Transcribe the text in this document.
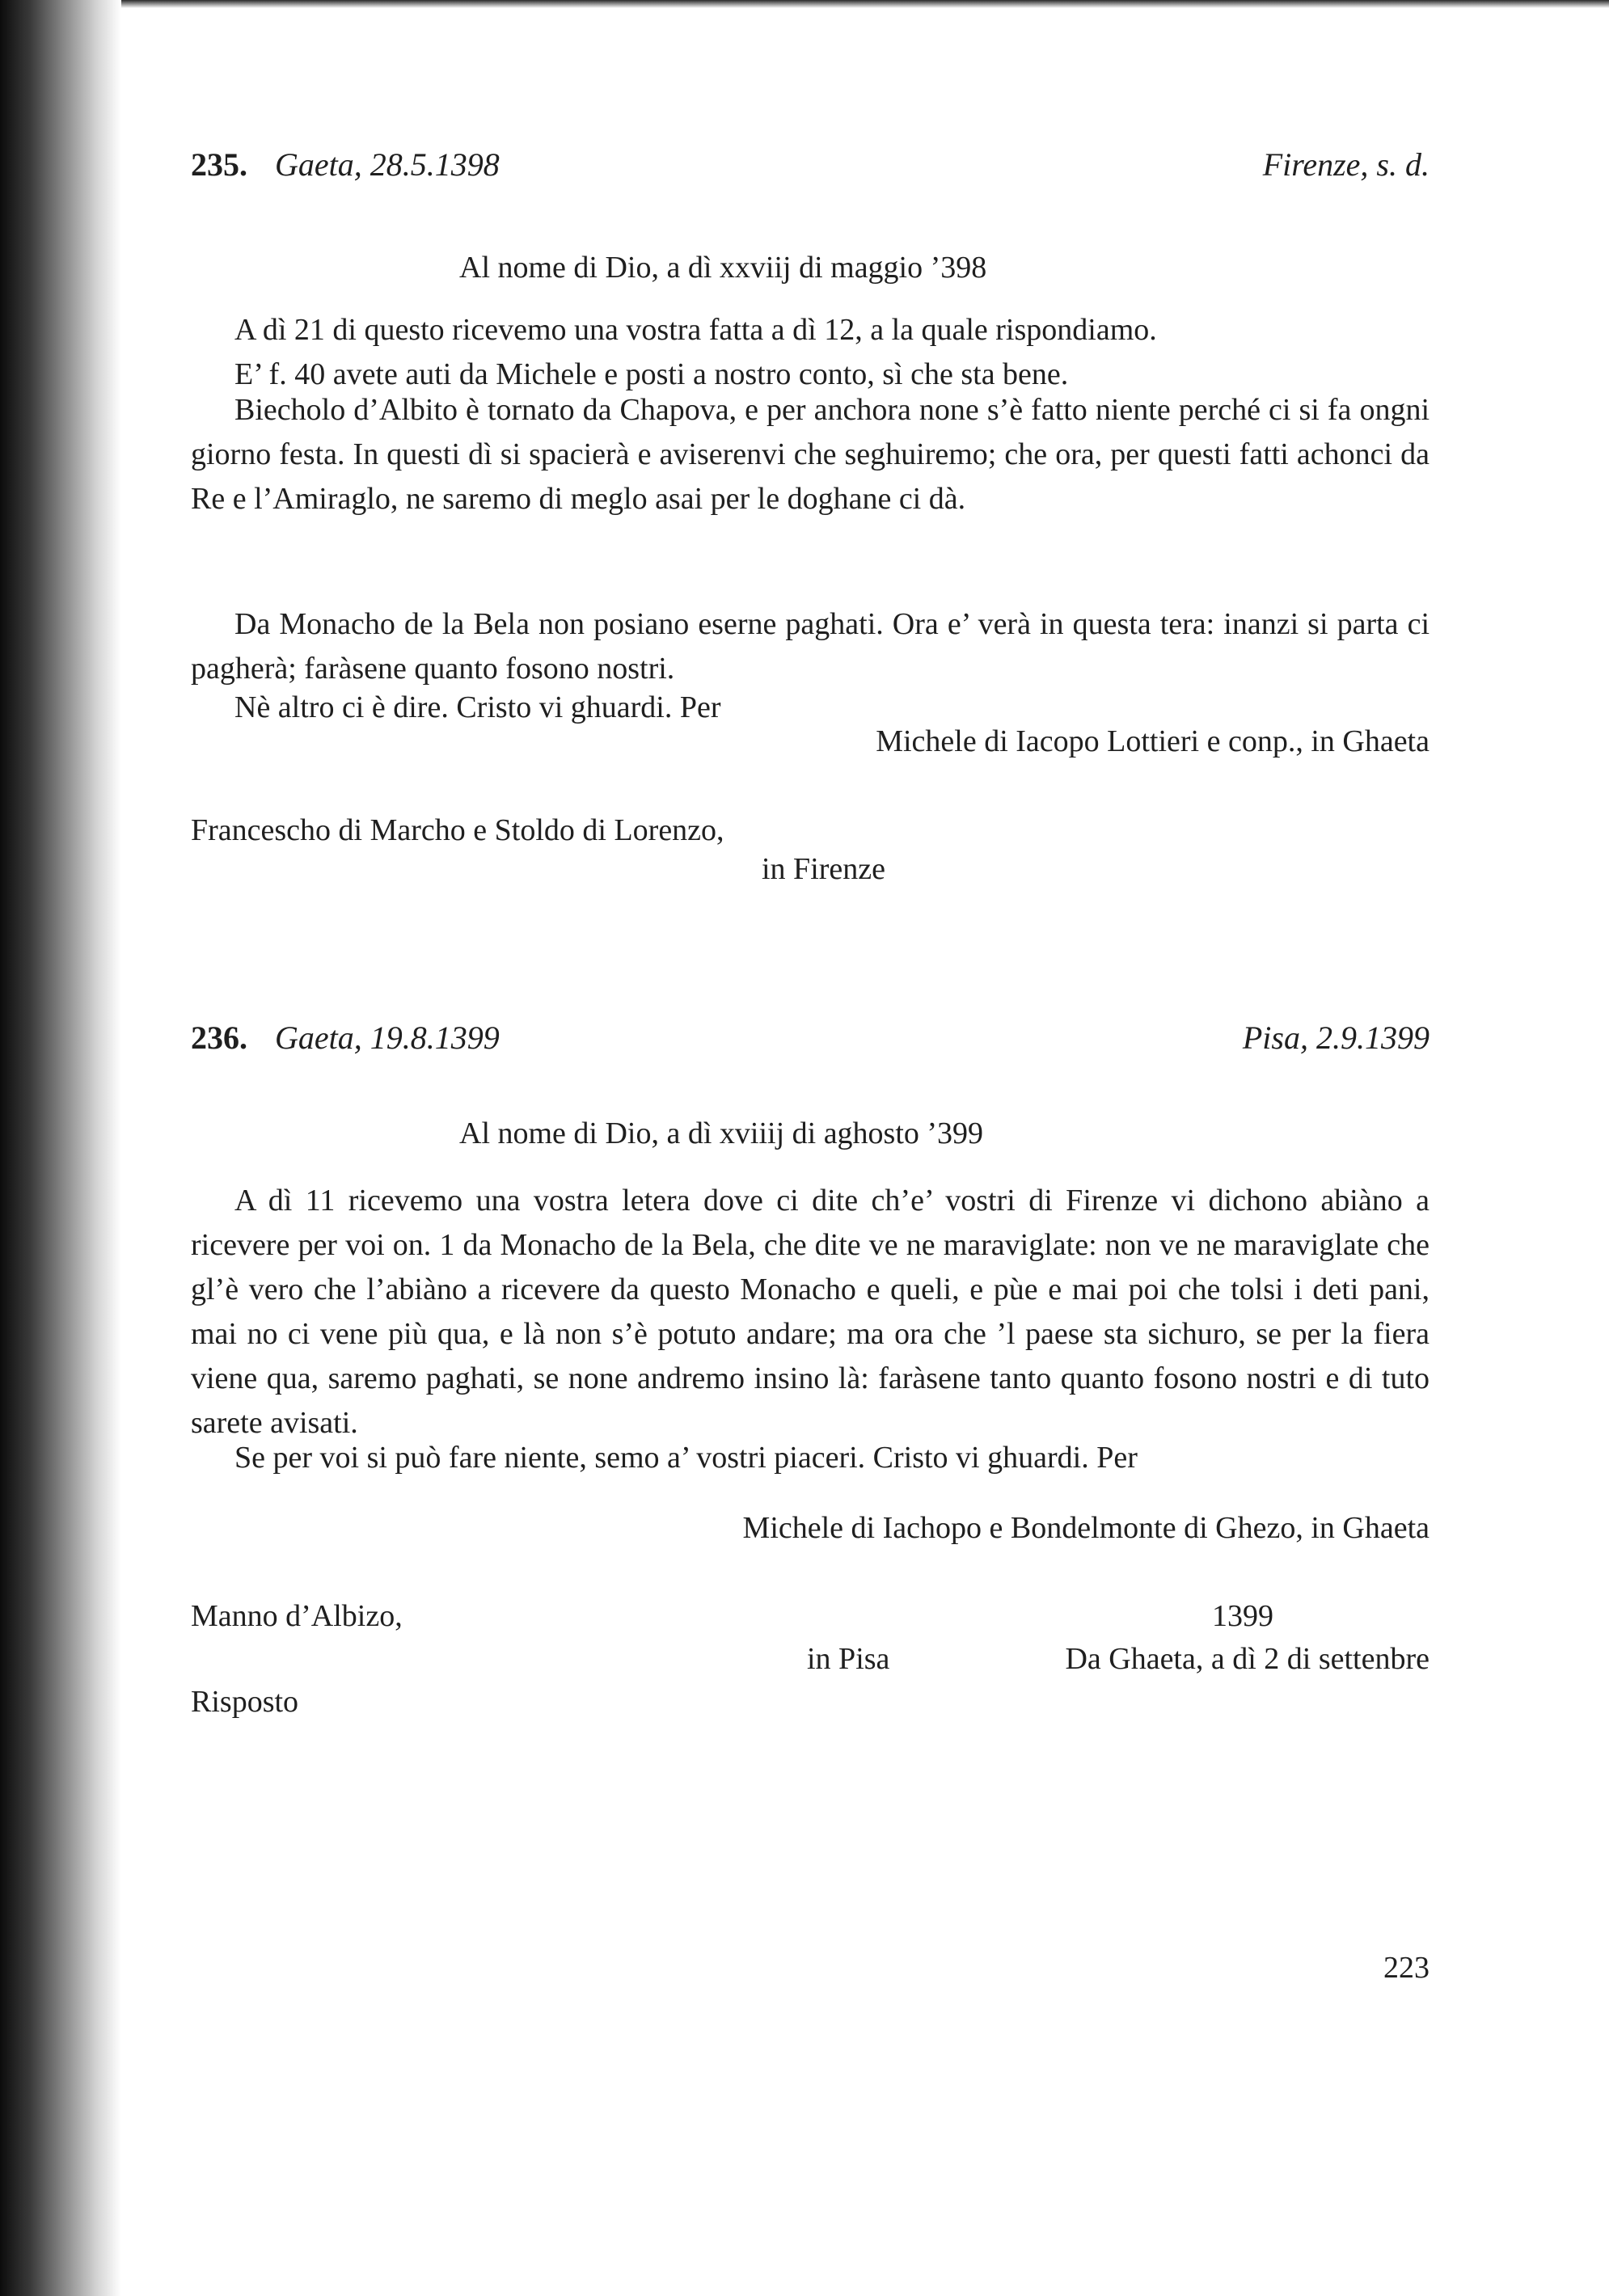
235. Gaeta, 28.5.1398	Firenze, s. d.
Al nome di Dio, a dì xxviij di maggio ’398

A dì 21 di questo ricevemo una vostra fatta a dì 12, a la quale rispondiamo.

E’ f. 40 avete auti da Michele e posti a nostro conto, sì che sta bene.

Biecholo d’Albito è tornato da Chapova, e per anchora none s’è fatto niente perché ci si fa ongni giorno festa. In questi dì si spacierà e aviserenvi che seghuiremo; che ora, per questi fatti achonci da Re e l’Amiraglo, ne saremo di meglo asai per le doghane ci dà.

Da Monacho de la Bela non posiano eserne paghati. Ora e’ verà in questa tera: inanzi si parta ci pagherà; faràsene quanto fosono nostri.

Nè altro ci è dire. Cristo vi ghuardi. Per

Michele di Iacopo Lottieri e conp., in Ghaeta
Francescho di Marcho e Stoldo di Lorenzo,
in Firenze
236. Gaeta, 19.8.1399	Pisa, 2.9.1399
Al nome di Dio, a dì xviiij di aghosto ’399

A dì 11 ricevemo una vostra letera dove ci dite ch’e’ vostri di Firenze vi dichono abiàno a ricevere per voi on. 1 da Monacho de la Bela, che dite ve ne maraviglate: non ve ne maraviglate che gl’è vero che l’abiàno a ricevere da questo Monacho e queli, e pùe e mai poi che tolsi i deti pani, mai no ci vene più qua, e là non s’è potuto andare; ma ora che ’l paese sta sichuro, se per la fiera viene qua, saremo paghati, se none andremo insino là: faràsene tanto quanto fosono nostri e di tuto sarete avisati.

Se per voi si può fare niente, semo a’ vostri piaceri. Cristo vi ghuardi. Per

Michele di Iachopo e Bondelmonte di Ghezo, in Ghaeta
Manno d’Albizo,	1399
in Pisa	Da Ghaeta, a dì 2 di settenbre
Risposto
223
